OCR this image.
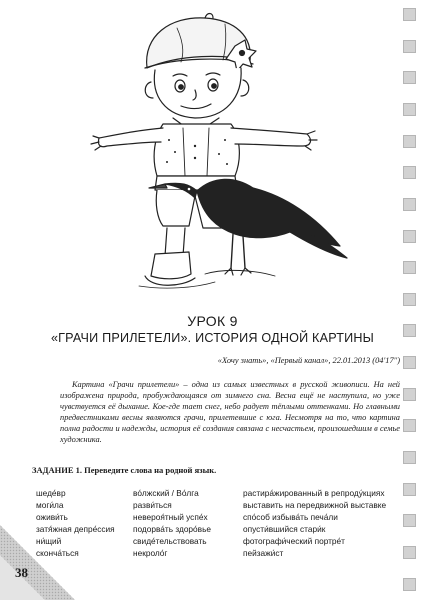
УРОК 9
«ГРАЧИ ПРИЛЕТЕЛИ». ИСТОРИЯ ОДНОЙ КАРТИНЫ
«Хочу знать», «Первый канал», 22.01.2013 (04'17'')

Картина «Грачи прилетели» – одна из самых известных в русской живописи. На ней изображена природа, пробуждающаяся от зимнего сна. Весна ещё не наступила, но уже чувствуется её дыхание. Кое-где тает снег, небо радует тёплыми оттенками. Но главными предвестниками весны являются грачи, прилетевшие с юга. Несмотря на то, что картина полна радости и надежды, история её создания связана с несчастьем, произошедшим в семье художника.

ЗАДАНИЕ 1. Переведите слова на родной язык.
шеде́вр
моги́ла
оживи́ть
затя́жная депре́ссия
ни́щий
сконча́ться
во́лжский / Во́лга
разви́ться
невероя́тный успе́х
подорва́ть здоро́вье
свиде́тельствовать
некроло́г
растира́жированный в репроду́кциях
выставить на передвижной выставке
спо́соб избыва́ть печа́ли
опусти́вшийся стари́к
фотографи́ческий портре́т
пейзажи́ст
38
